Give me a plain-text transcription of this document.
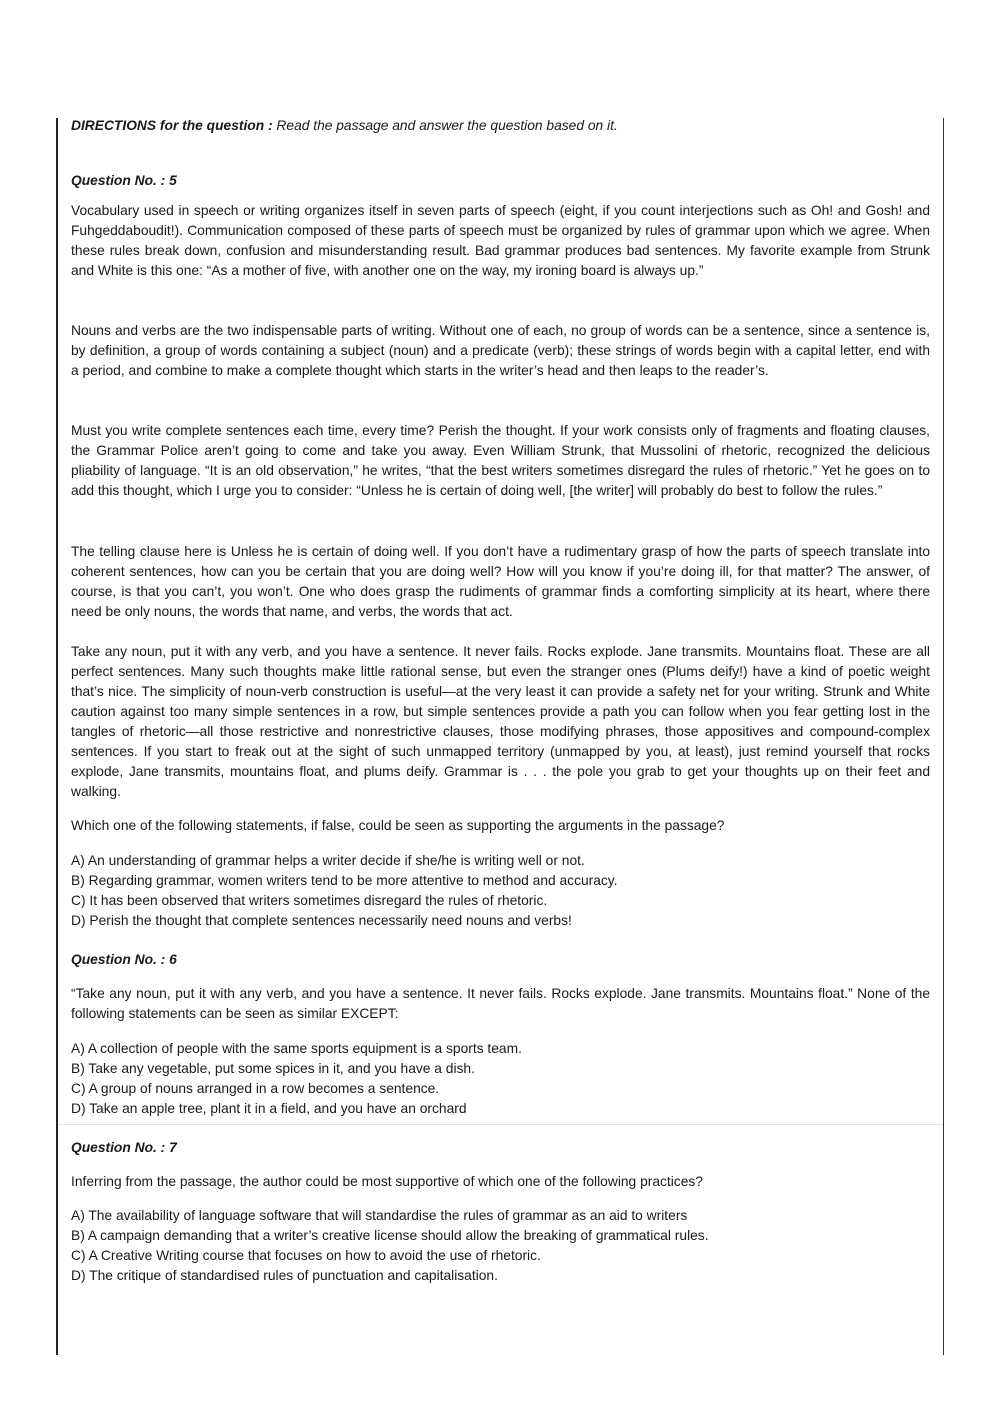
DIRECTIONS for the question : Read the passage and answer the question based on it.

Question No. : 5

Vocabulary used in speech or writing organizes itself in seven parts of speech (eight, if you count interjections such as Oh! and Gosh! and Fuhgeddaboudit!). Communication composed of these parts of speech must be organized by rules of grammar upon which we agree. When these rules break down, confusion and misunderstanding result. Bad grammar produces bad sentences. My favorite example from Strunk and White is this one: “As a mother of five, with another one on the way, my ironing board is always up.”

Nouns and verbs are the two indispensable parts of writing. Without one of each, no group of words can be a sentence, since a sentence is, by definition, a group of words containing a subject (noun) and a predicate (verb); these strings of words begin with a capital letter, end with a period, and combine to make a complete thought which starts in the writer’s head and then leaps to the reader’s.

Must you write complete sentences each time, every time? Perish the thought. If your work consists only of fragments and floating clauses, the Grammar Police aren’t going to come and take you away. Even William Strunk, that Mussolini of rhetoric, recognized the delicious pliability of language. “It is an old observation,” he writes, “that the best writers sometimes disregard the rules of rhetoric.” Yet he goes on to add this thought, which I urge you to consider: “Unless he is certain of doing well, [the writer] will probably do best to follow the rules.”

The telling clause here is Unless he is certain of doing well. If you don’t have a rudimentary grasp of how the parts of speech translate into coherent sentences, how can you be certain that you are doing well? How will you know if you’re doing ill, for that matter? The answer, of course, is that you can’t, you won’t. One who does grasp the rudiments of grammar finds a comforting simplicity at its heart, where there need be only nouns, the words that name, and verbs, the words that act.

Take any noun, put it with any verb, and you have a sentence. It never fails. Rocks explode. Jane transmits. Mountains float. These are all perfect sentences. Many such thoughts make little rational sense, but even the stranger ones (Plums deify!) have a kind of poetic weight that’s nice. The simplicity of noun-verb construction is useful—at the very least it can provide a safety net for your writing. Strunk and White caution against too many simple sentences in a row, but simple sentences provide a path you can follow when you fear getting lost in the tangles of rhetoric—all those restrictive and nonrestrictive clauses, those modifying phrases, those appositives and compound-complex sentences. If you start to freak out at the sight of such unmapped territory (unmapped by you, at least), just remind yourself that rocks explode, Jane transmits, mountains float, and plums deify. Grammar is . . . the pole you grab to get your thoughts up on their feet and walking.

Which one of the following statements, if false, could be seen as supporting the arguments in the passage?

A) An understanding of grammar helps a writer decide if she/he is writing well or not.

B) Regarding grammar, women writers tend to be more attentive to method and accuracy.

C) It has been observed that writers sometimes disregard the rules of rhetoric.

D) Perish the thought that complete sentences necessarily need nouns and verbs!

Question No. : 6

“Take any noun, put it with any verb, and you have a sentence. It never fails. Rocks explode. Jane transmits. Mountains float.” None of the following statements can be seen as similar EXCEPT:

A) A collection of people with the same sports equipment is a sports team.

B) Take any vegetable, put some spices in it, and you have a dish.

C) A group of nouns arranged in a row becomes a sentence.

D) Take an apple tree, plant it in a field, and you have an orchard

Question No. : 7

Inferring from the passage, the author could be most supportive of which one of the following practices?

A) The availability of language software that will standardise the rules of grammar as an aid to writers

B) A campaign demanding that a writer’s creative license should allow the breaking of grammatical rules.

C) A Creative Writing course that focuses on how to avoid the use of rhetoric.

D) The critique of standardised rules of punctuation and capitalisation.
